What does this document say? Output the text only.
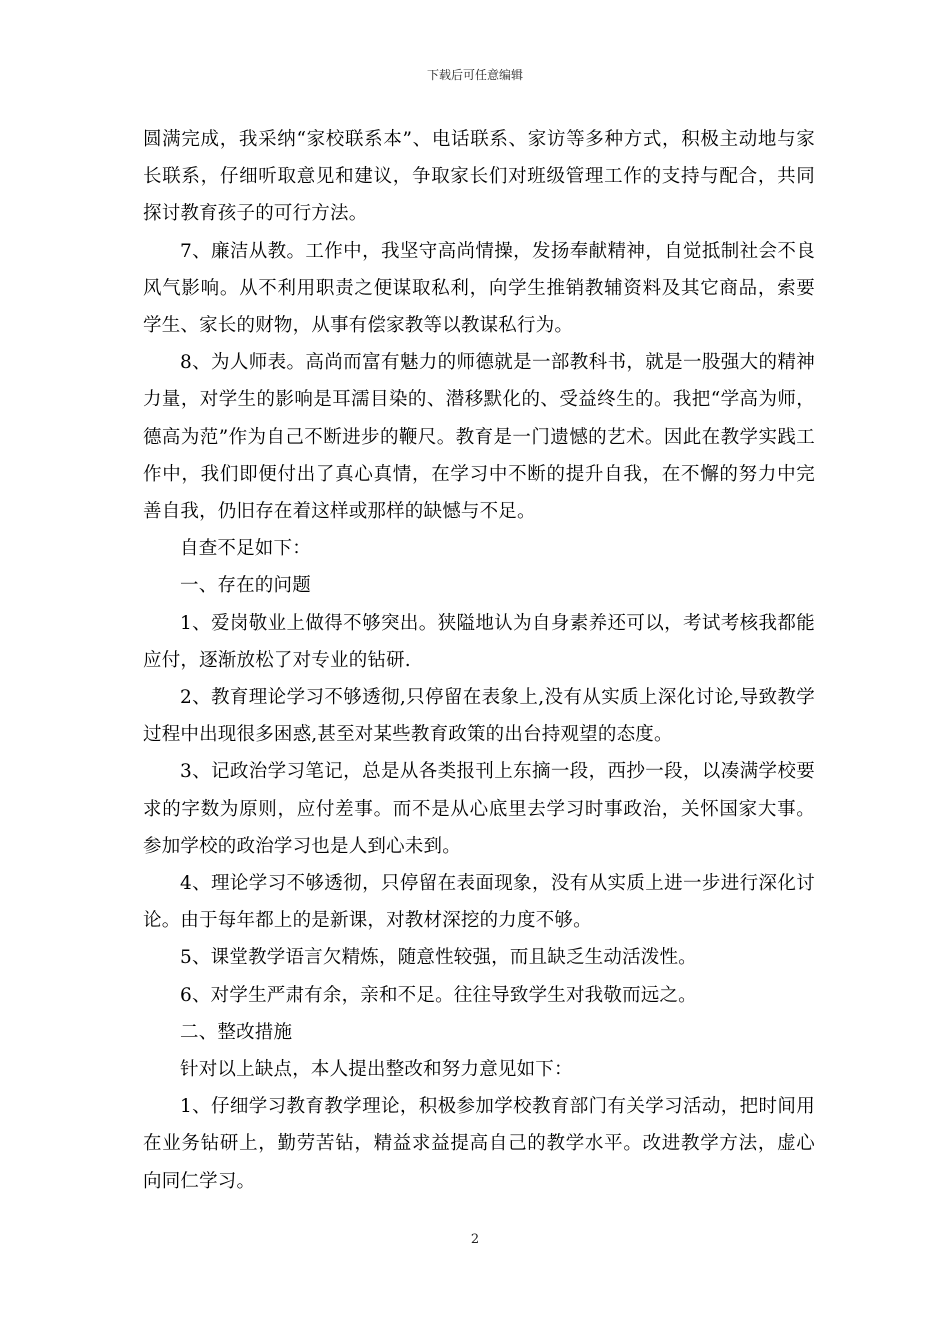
下载后可任意编辑

圆满完成，我采纳“家校联系本”、电话联系、家访等多种方式，积极主动地与家长联系，仔细听取意见和建议，争取家长们对班级管理工作的支持与配合，共同探讨教育孩子的可行方法。

7、廉洁从教。工作中，我坚守高尚情操，发扬奉献精神，自觉抵制社会不良风气影响。从不利用职责之便谋取私利，向学生推销教辅资料及其它商品，索要学生、家长的财物，从事有偿家教等以教谋私行为。

8、为人师表。高尚而富有魅力的师德就是一部教科书，就是一股强大的精神力量，对学生的影响是耳濡目染的、潜移默化的、受益终生的。我把“学高为师，德高为范”作为自己不断进步的鞭尺。教育是一门遗憾的艺术。因此在教学实践工作中，我们即便付出了真心真情，在学习中不断的提升自我，在不懈的努力中完善自我，仍旧存在着这样或那样的缺憾与不足。

自查不足如下：

一、存在的问题

1、爱岗敬业上做得不够突出。狭隘地认为自身素养还可以，考试考核我都能应付，逐渐放松了对专业的钻研.

2、教育理论学习不够透彻,只停留在表象上,没有从实质上深化讨论,导致教学过程中出现很多困惑,甚至对某些教育政策的出台持观望的态度。

3、记政治学习笔记，总是从各类报刊上东摘一段，西抄一段，以凑满学校要求的字数为原则，应付差事。而不是从心底里去学习时事政治，关怀国家大事。参加学校的政治学习也是人到心未到。

4、理论学习不够透彻，只停留在表面现象，没有从实质上进一步进行深化讨论。由于每年都上的是新课，对教材深挖的力度不够。

5、课堂教学语言欠精炼，随意性较强，而且缺乏生动活泼性。

6、对学生严肃有余，亲和不足。往往导致学生对我敬而远之。

二、整改措施

针对以上缺点，本人提出整改和努力意见如下：

1、仔细学习教育教学理论，积极参加学校教育部门有关学习活动，把时间用在业务钻研上，勤劳苦钻，精益求益提高自己的教学水平。改进教学方法，虚心向同仁学习。

2
